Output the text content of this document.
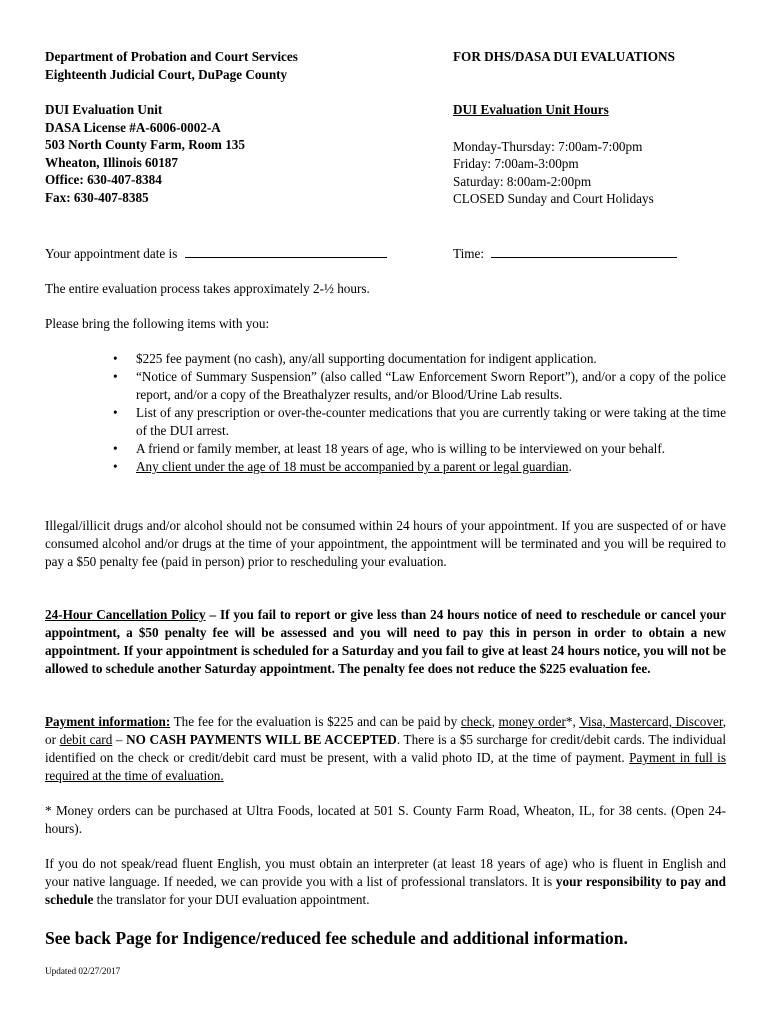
Department of Probation and Court Services
Eighteenth Judicial Court, DuPage County
FOR DHS/DASA DUI EVALUATIONS
DUI Evaluation Unit
DASA License #A-6006-0002-A
503 North County Farm, Room 135
Wheaton, Illinois 60187
Office: 630-407-8384
Fax: 630-407-8385
DUI Evaluation Unit Hours
Monday-Thursday: 7:00am-7:00pm
Friday: 7:00am-3:00pm
Saturday: 8:00am-2:00pm
CLOSED Sunday and Court Holidays
Your appointment date is	Time:
The entire evaluation process takes approximately 2-½ hours.
Please bring the following items with you:
• $225 fee payment (no cash), any/all supporting documentation for indigent application.
• “Notice of Summary Suspension” (also called “Law Enforcement Sworn Report”), and/or a copy of the police report, and/or a copy of the Breathalyzer results, and/or Blood/Urine Lab results.
• List of any prescription or over-the-counter medications that you are currently taking or were taking at the time of the DUI arrest.
• A friend or family member, at least 18 years of age, who is willing to be interviewed on your behalf.
• Any client under the age of 18 must be accompanied by a parent or legal guardian.
Illegal/illicit drugs and/or alcohol should not be consumed within 24 hours of your appointment. If you are suspected of or have consumed alcohol and/or drugs at the time of your appointment, the appointment will be terminated and you will be required to pay a $50 penalty fee (paid in person) prior to rescheduling your evaluation.
24-Hour Cancellation Policy – If you fail to report or give less than 24 hours notice of need to reschedule or cancel your appointment, a $50 penalty fee will be assessed and you will need to pay this in person in order to obtain a new appointment. If your appointment is scheduled for a Saturday and you fail to give at least 24 hours notice, you will not be allowed to schedule another Saturday appointment. The penalty fee does not reduce the $225 evaluation fee.
Payment information: The fee for the evaluation is $225 and can be paid by check, money order*, Visa, Mastercard, Discover, or debit card – NO CASH PAYMENTS WILL BE ACCEPTED. There is a $5 surcharge for credit/debit cards. The individual identified on the check or credit/debit card must be present, with a valid photo ID, at the time of payment. Payment in full is required at the time of evaluation.
* Money orders can be purchased at Ultra Foods, located at 501 S. County Farm Road, Wheaton, IL, for 38 cents. (Open 24-hours).
If you do not speak/read fluent English, you must obtain an interpreter (at least 18 years of age) who is fluent in English and your native language. If needed, we can provide you with a list of professional translators. It is your responsibility to pay and schedule the translator for your DUI evaluation appointment.
See back Page for Indigence/reduced fee schedule and additional information.
Updated 02/27/2017
